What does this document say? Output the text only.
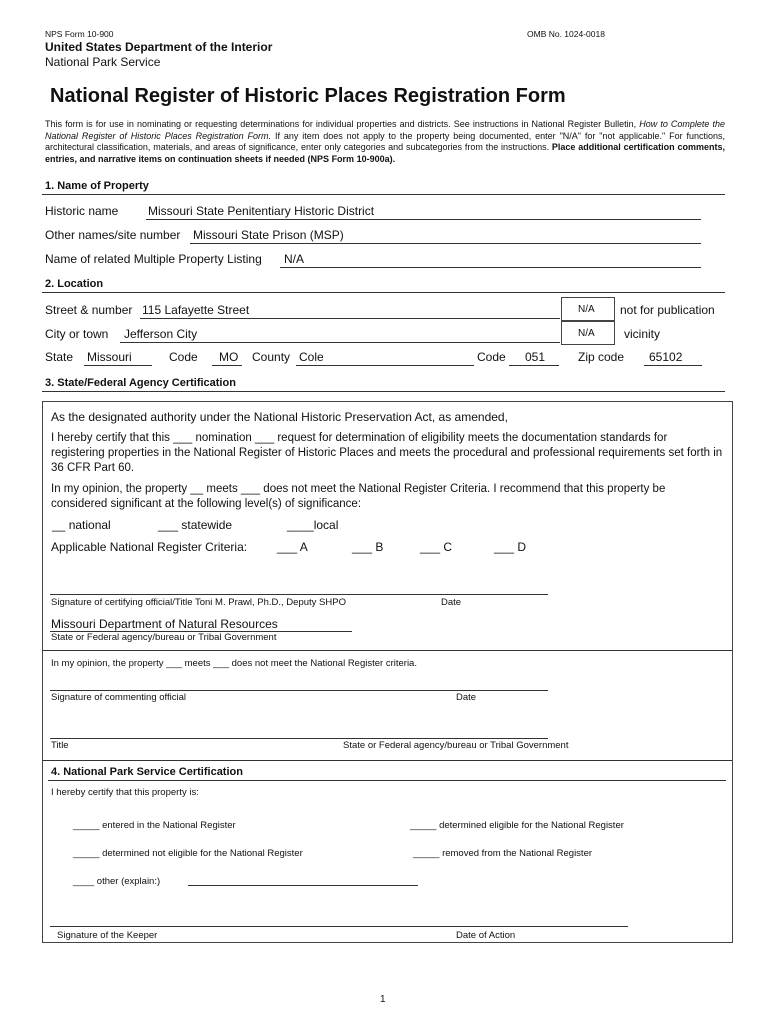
NPS Form 10-900	OMB No. 1024-0018
United States Department of the Interior
National Park Service
National Register of Historic Places Registration Form
This form is for use in nominating or requesting determinations for individual properties and districts. See instructions in National Register Bulletin, How to Complete the National Register of Historic Places Registration Form. If any item does not apply to the property being documented, enter "N/A" for "not applicable." For functions, architectural classification, materials, and areas of significance, enter only categories and subcategories from the instructions. Place additional certification comments, entries, and narrative items on continuation sheets if needed (NPS Form 10-900a).
1. Name of Property
Historic name Missouri State Penitentiary Historic District
Other names/site number Missouri State Prison (MSP)
Name of related Multiple Property Listing N/A
2. Location
Street & number 115 Lafayette Street	N/A not for publication
City or town Jefferson City	N/A vicinity
State Missouri	Code MO County Cole	Code 051	Zip code 65102
3. State/Federal Agency Certification
As the designated authority under the National Historic Preservation Act, as amended,
I hereby certify that this ___ nomination ___ request for determination of eligibility meets the documentation standards for registering properties in the National Register of Historic Places and meets the procedural and professional requirements set forth in 36 CFR Part 60.
In my opinion, the property __ meets ___ does not meet the National Register Criteria. I recommend that this property be considered significant at the following level(s) of significance:
__ national	___ statewide	____local
Applicable National Register Criteria: ___ A	___ B	___ C	___ D
Signature of certifying official/Title Toni M. Prawl, Ph.D., Deputy SHPO	Date
Missouri Department of Natural Resources
State or Federal agency/bureau or Tribal Government
In my opinion, the property ___ meets ___ does not meet the National Register criteria.
Signature of commenting official	Date
Title	State or Federal agency/bureau or Tribal Government
4. National Park Service Certification
I hereby certify that this property is:
_____ entered in the National Register	_____ determined eligible for the National Register
_____ determined not eligible for the National Register	_____ removed from the National Register
____ other (explain:)
Signature of the Keeper	Date of Action
1
